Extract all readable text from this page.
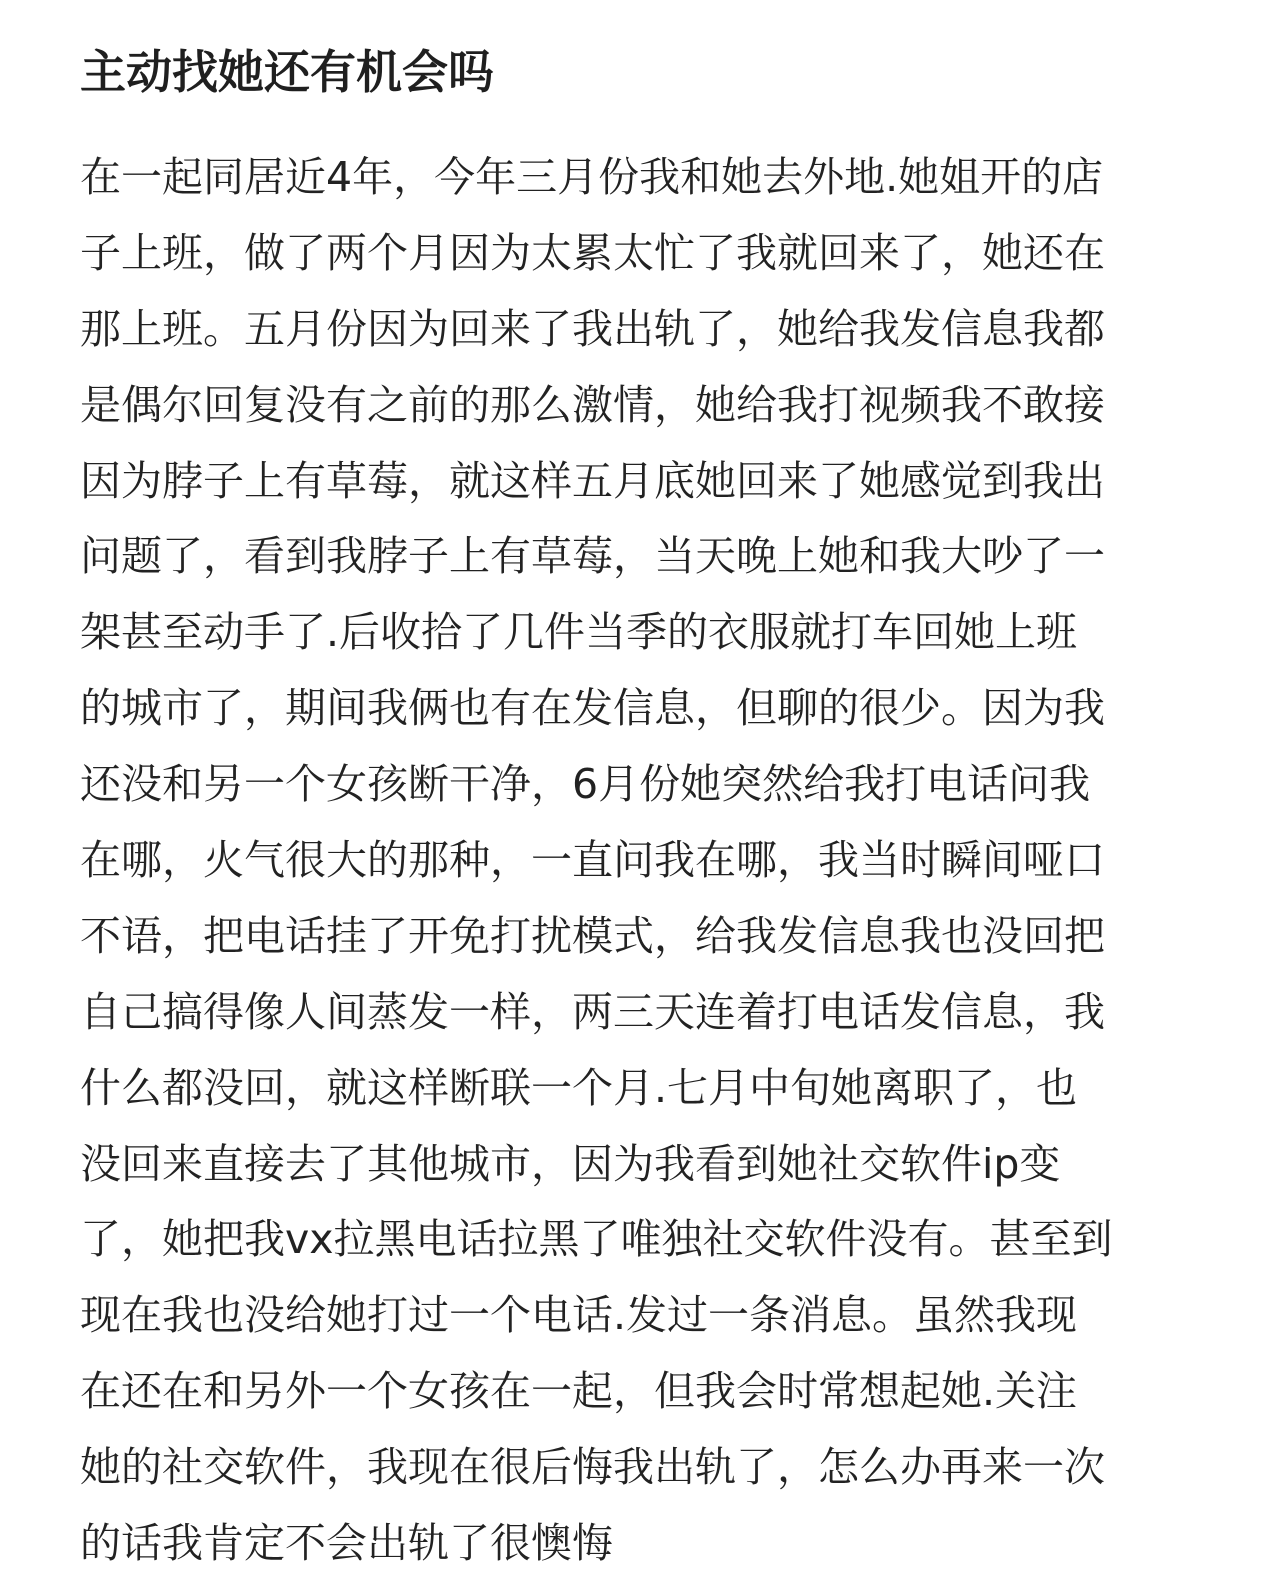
主动找她还有机会吗
在一起同居近4年，今年三月份我和她去外地.她姐开的店
子上班，做了两个月因为太累太忙了我就回来了，她还在
那上班。五月份因为回来了我出轨了，她给我发信息我都
是偶尔回复没有之前的那么激情，她给我打视频我不敢接
因为脖子上有草莓，就这样五月底她回来了她感觉到我出
问题了，看到我脖子上有草莓，当天晚上她和我大吵了一
架甚至动手了.后收拾了几件当季的衣服就打车回她上班
的城市了，期间我俩也有在发信息，但聊的很少。因为我
还没和另一个女孩断干净，6月份她突然给我打电话问我
在哪，火气很大的那种，一直问我在哪，我当时瞬间哑口
不语，把电话挂了开免打扰模式，给我发信息我也没回把
自己搞得像人间蒸发一样，两三天连着打电话发信息，我
什么都没回，就这样断联一个月.七月中旬她离职了，也
没回来直接去了其他城市，因为我看到她社交软件ip变
了，她把我vx拉黑电话拉黑了唯独社交软件没有。甚至到
现在我也没给她打过一个电话.发过一条消息。虽然我现
在还在和另外一个女孩在一起，但我会时常想起她.关注
她的社交软件，我现在很后悔我出轨了，怎么办再来一次
的话我肯定不会出轨了很懊悔
